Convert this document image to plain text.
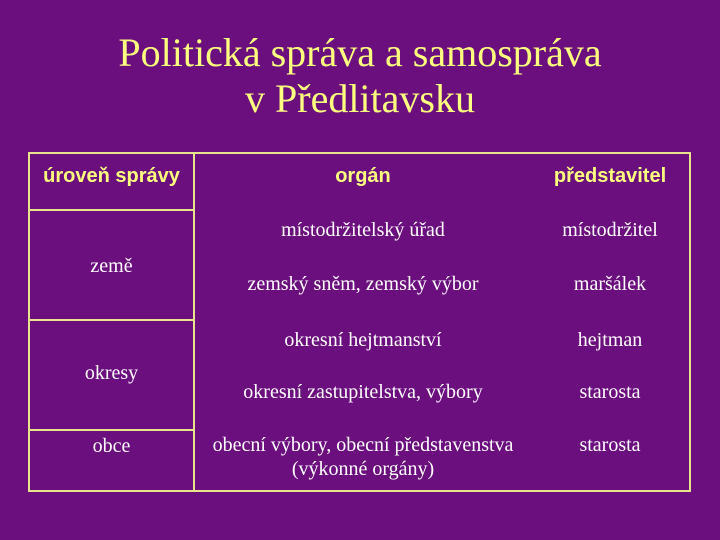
Politická správa a samospráva
v Předlitavsku
úroveň správy	orgán	představitel
země
okresy
obce
místodržitelský úřad
zemský sněm, zemský výbor
okresní hejtmanství
okresní zastupitelstva, výbory
obecní výbory, obecní představenstva (výkonné orgány)
místodržitel
maršálek
hejtman
starosta
starosta
